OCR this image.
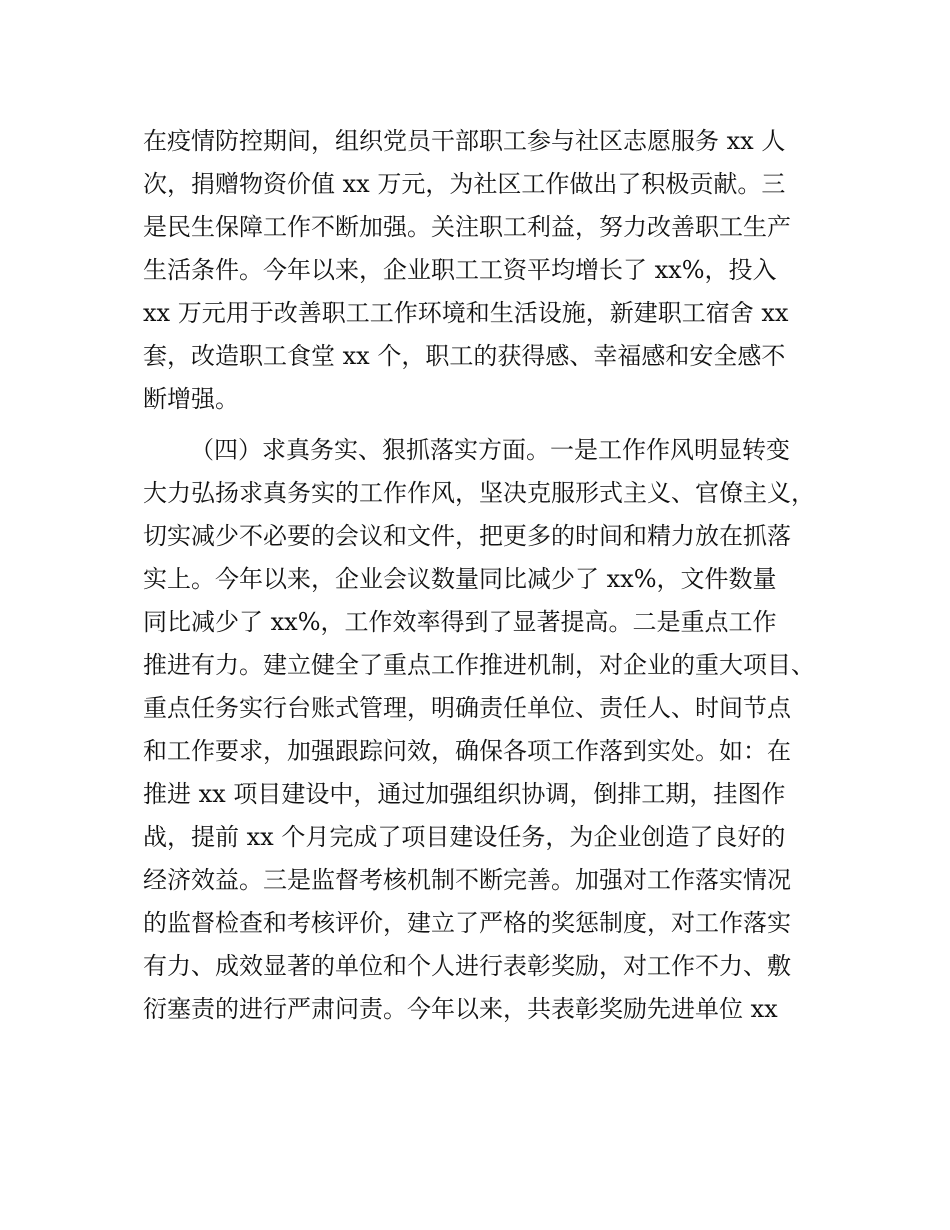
在疫情防控期间，组织党员干部职工参与社区志愿服务 xx 人
次，捐赠物资价值 xx 万元，为社区工作做出了积极贡献。三
是民生保障工作不断加强。关注职工利益，努力改善职工生产
生活条件。今年以来，企业职工工资平均增长了 xx%，投入
xx 万元用于改善职工工作环境和生活设施，新建职工宿舍 xx
套，改造职工食堂 xx 个，职工的获得感、幸福感和安全感不
断增强。
（四）求真务实、狠抓落实方面。一是工作作风明显转变
大力弘扬求真务实的工作作风，坚决克服形式主义、官僚主义，
切实减少不必要的会议和文件，把更多的时间和精力放在抓落
实上。今年以来，企业会议数量同比减少了 xx%，文件数量
同比减少了 xx%，工作效率得到了显著提高。二是重点工作
推进有力。建立健全了重点工作推进机制，对企业的重大项目、
重点任务实行台账式管理，明确责任单位、责任人、时间节点
和工作要求，加强跟踪问效，确保各项工作落到实处。如：在
推进 xx 项目建设中，通过加强组织协调，倒排工期，挂图作
战，提前 xx 个月完成了项目建设任务，为企业创造了良好的
经济效益。三是监督考核机制不断完善。加强对工作落实情况
的监督检查和考核评价，建立了严格的奖惩制度，对工作落实
有力、成效显著的单位和个人进行表彰奖励，对工作不力、敷
衍塞责的进行严肃问责。今年以来，共表彰奖励先进单位 xx
